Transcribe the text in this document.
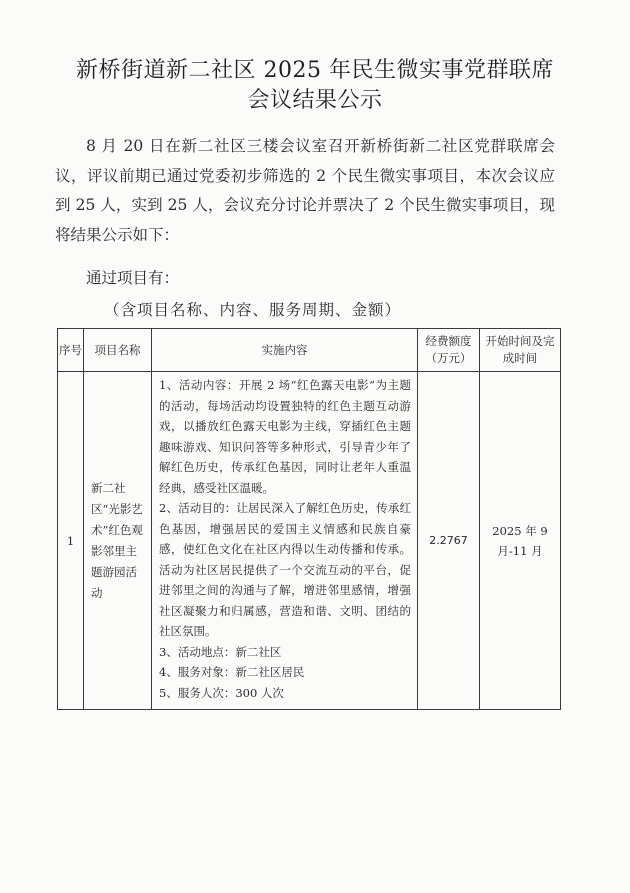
新桥街道新二社区 2025 年民生微实事党群联席
会议结果公示
8 月 20 日在新二社区三楼会议室召开新桥街新二社区党群联席会议，评议前期已通过党委初步筛选的 2 个民生微实事项目，本次会议应到 25 人，实到 25 人，会议充分讨论并票决了 2 个民生微实事项目，现将结果公示如下：
通过项目有：
（含项目名称、内容、服务周期、金额）
序号	项目名称	实施内容	经费额度（万元）	开始时间及完成时间
1	新二社区“光影艺术”红色观影邻里主题游园活动	1、活动内容：开展 2 场“红色露天电影”为主题的活动，每场活动均设置独特的红色主题互动游戏，以播放红色露天电影为主线，穿插红色主题趣味游戏、知识问答等多种形式，引导青少年了解红色历史，传承红色基因，同时让老年人重温经典，感受社区温暖。
2、活动目的：让居民深入了解红色历史，传承红色基因，增强居民的爱国主义情感和民族自豪感，使红色文化在社区内得以生动传播和传承。活动为社区居民提供了一个交流互动的平台，促进邻里之间的沟通与了解，增进邻里感情，增强社区凝聚力和归属感，营造和谐、文明、团结的社区氛围。
3、活动地点：新二社区
4、服务对象：新二社区居民
5、服务人次：300 人次	2.2767	2025 年 9 月-11 月
